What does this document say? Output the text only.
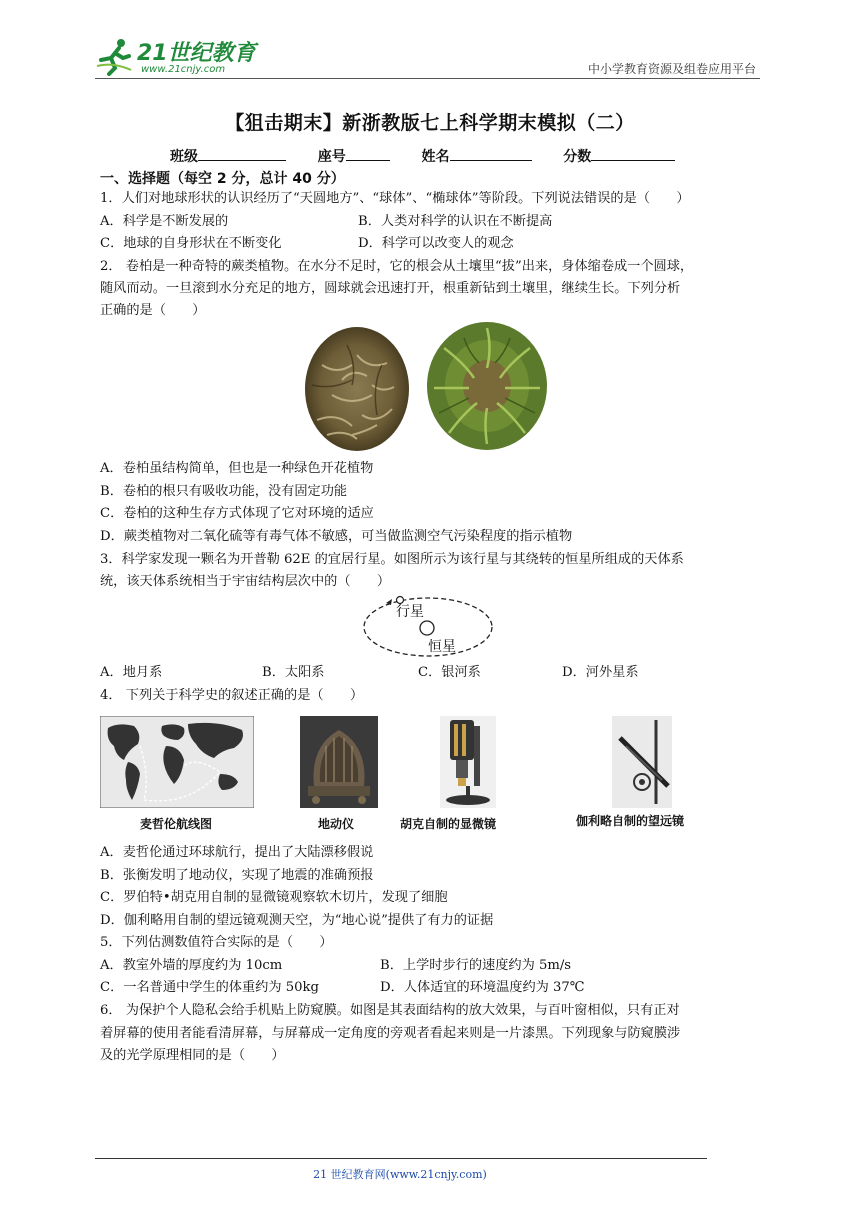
21世纪教育
www.21cnjy.com	中小学教育资源及组卷应用平台
【狙击期末】新浙教版七上科学期末模拟（二）
班级	座号	姓名	分数
一、选择题（每空 2 分，总计 40 分）
1．人们对地球形状的认识经历了“天圆地方”、“球体”、“椭球体”等阶段。下列说法错误的是（　　）
A．科学是不断发展的	B．人类对科学的认识在不断提高
C．地球的自身形状在不断变化	D．科学可以改变人的观念
2． 卷柏是一种奇特的蕨类植物。在水分不足时，它的根会从土壤里“拔”出来，身体缩卷成一个圆球，
随风而动。一旦滚到水分充足的地方，圆球就会迅速打开，根重新钻到土壤里，继续生长。下列分析
正确的是（　　）
A．卷柏虽结构简单，但也是一种绿色开花植物
B．卷柏的根只有吸收功能，没有固定功能
C．卷柏的这种生存方式体现了它对环境的适应
D．蕨类植物对二氧化硫等有毒气体不敏感，可当做监测空气污染程度的指示植物
3．科学家发现一颗名为开普勒 62E 的宜居行星。如图所示为该行星与其绕转的恒星所组成的天体系
统，该天体系统相当于宇宙结构层次中的（　　）
行星
恒星
A．地月系	B．太阳系	C．银河系	D．河外星系
4． 下列关于科学史的叙述正确的是（　　）
麦哲伦航线图	地动仪	胡克自制的显微镜	伽利略自制的望远镜
A．麦哲伦通过环球航行，提出了大陆漂移假说
B．张衡发明了地动仪，实现了地震的准确预报
C．罗伯特•胡克用自制的显微镜观察软木切片，发现了细胞
D．伽利略用自制的望远镜观测天空，为“地心说”提供了有力的证据
5．下列估测数值符合实际的是（　　）
A．教室外墙的厚度约为 10cm	B．上学时步行的速度约为 5m/s
C．一名普通中学生的体重约为 50kg	D．人体适宜的环境温度约为 37℃
6． 为保护个人隐私会给手机贴上防窥膜。如图是其表面结构的放大效果，与百叶窗相似，只有正对
着屏幕的使用者能看清屏幕，与屏幕成一定角度的旁观者看起来则是一片漆黑。下列现象与防窥膜涉
及的光学原理相同的是（　　）
21 世纪教育网(www.21cnjy.com)
